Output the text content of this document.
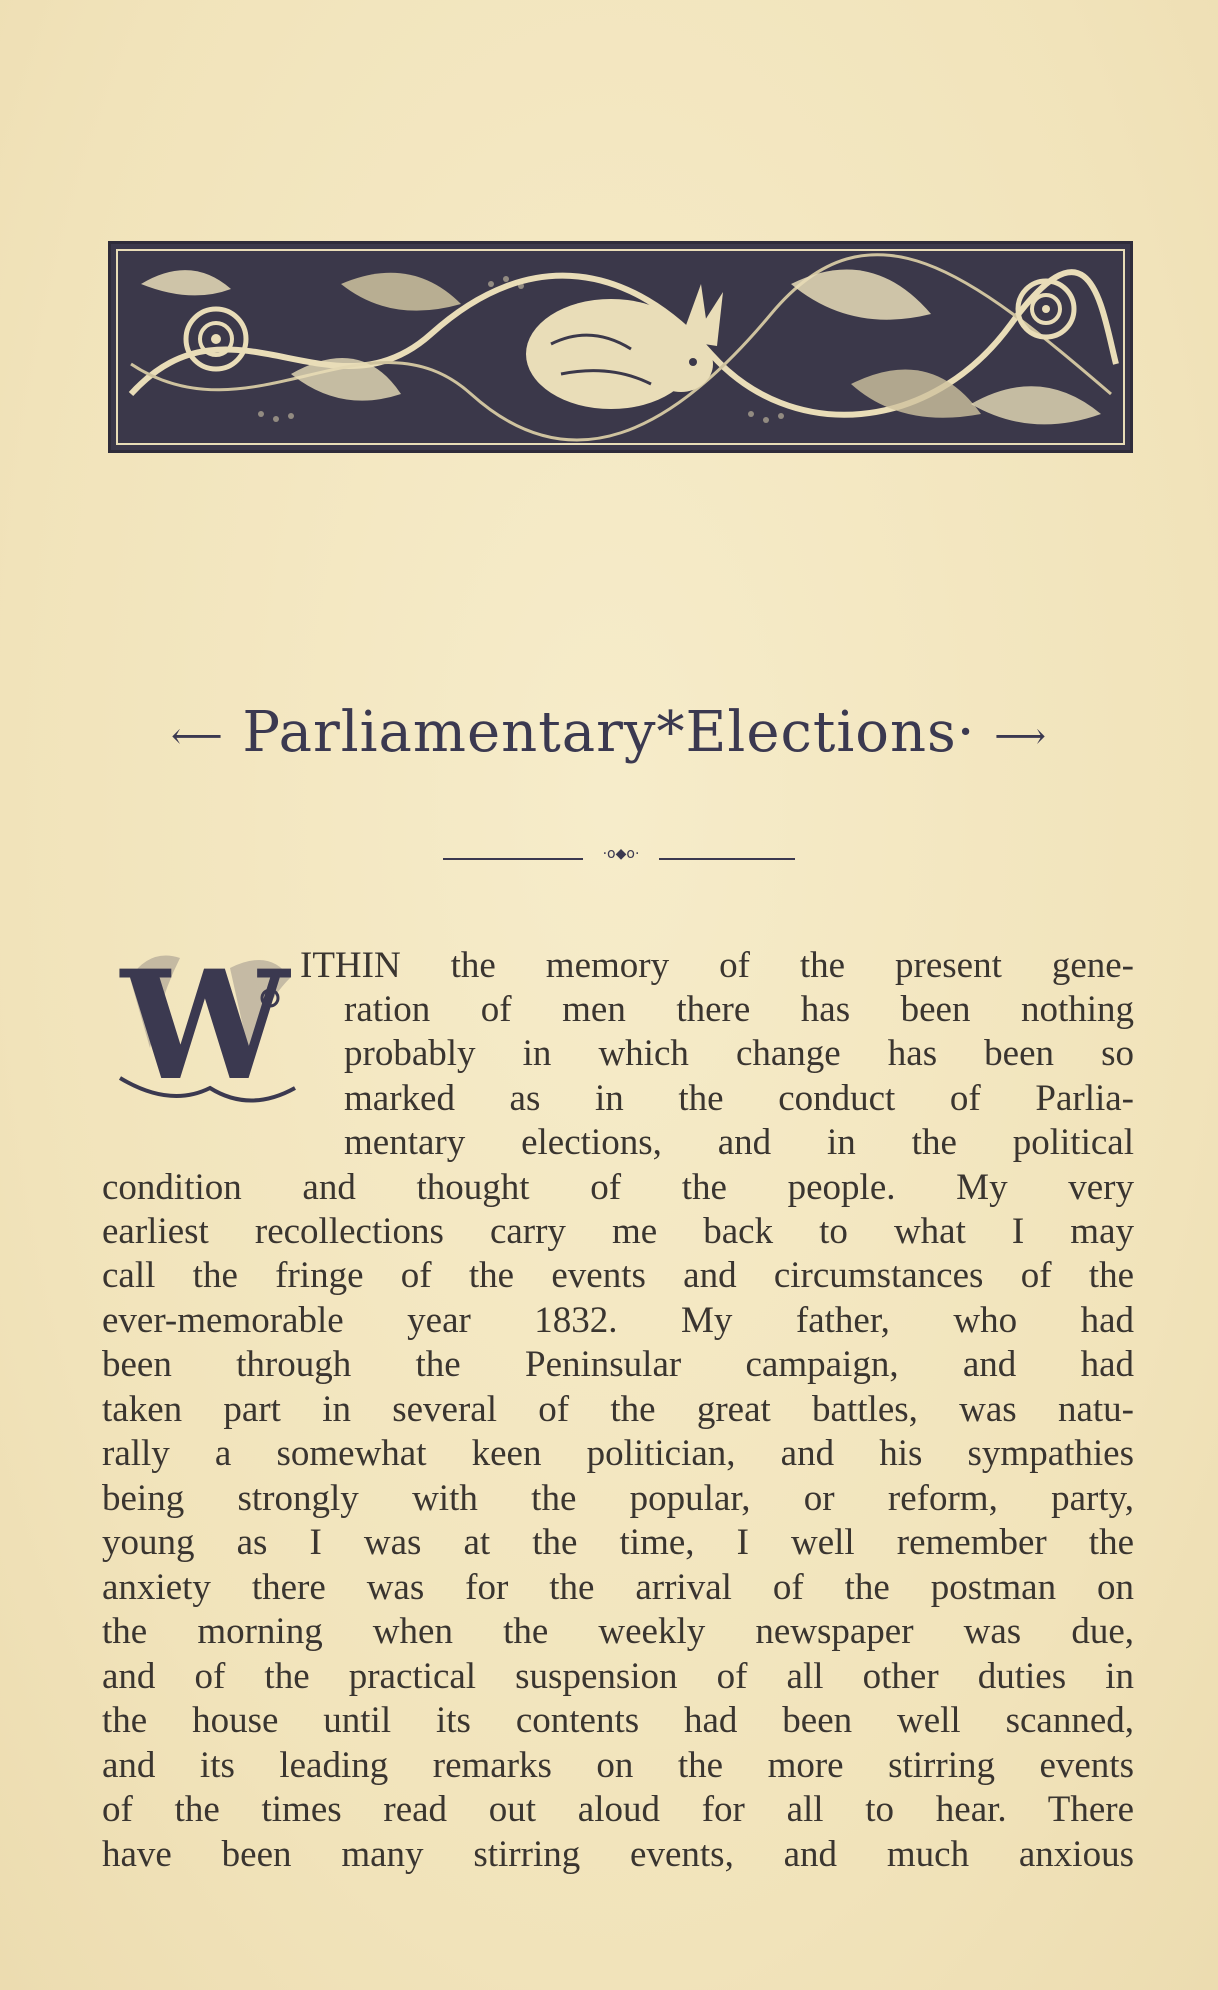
⟵ Parliamentary*Elections· ⟶
·o◆o·
W ITHIN the memory of the present gene-
ration of men there has been nothing
probably in which change has been so
marked as in the conduct of Parlia-
mentary elections, and in the political
condition and thought of the people. My very
earliest recollections carry me back to what I may
call the fringe of the events and circumstances of the
ever-memorable year 1832. My father, who had
been through the Peninsular campaign, and had
taken part in several of the great battles, was natu-
rally a somewhat keen politician, and his sympathies
being strongly with the popular, or reform, party,
young as I was at the time, I well remember the
anxiety there was for the arrival of the postman on
the morning when the weekly newspaper was due,
and of the practical suspension of all other duties in
the house until its contents had been well scanned,
and its leading remarks on the more stirring events
of the times read out aloud for all to hear. There
have been many stirring events, and much anxious
